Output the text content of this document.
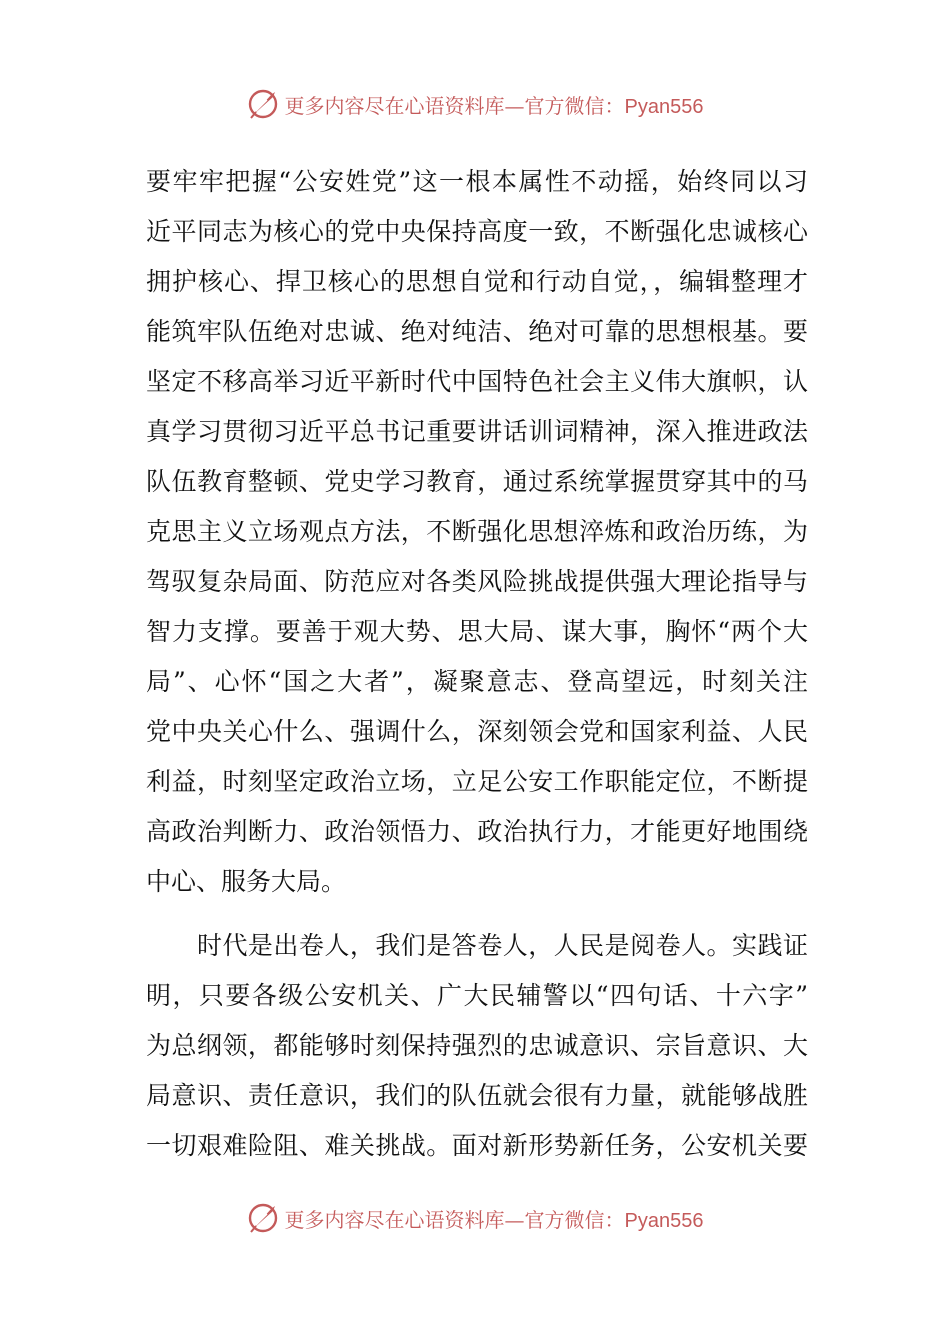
更多内容尽在心语资料库—官方微信：Pyan556
要牢牢把握“公安姓党”这一根本属性不动摇，始终同以习
近平同志为核心的党中央保持高度一致，不断强化忠诚核心
拥护核心、捍卫核心的思想自觉和行动自觉，，编辑整理才
能筑牢队伍绝对忠诚、绝对纯洁、绝对可靠的思想根基。要
坚定不移高举习近平新时代中国特色社会主义伟大旗帜，认
真学习贯彻习近平总书记重要讲话训词精神，深入推进政法
队伍教育整顿、党史学习教育，通过系统掌握贯穿其中的马
克思主义立场观点方法，不断强化思想淬炼和政治历练，为
驾驭复杂局面、防范应对各类风险挑战提供强大理论指导与
智力支撑。要善于观大势、思大局、谋大事，胸怀“两个大
局”、心怀“国之大者”，凝聚意志、登高望远，时刻关注
党中央关心什么、强调什么，深刻领会党和国家利益、人民
利益，时刻坚定政治立场，立足公安工作职能定位，不断提
高政治判断力、政治领悟力、政治执行力，才能更好地围绕
中心、服务大局。
　　时代是出卷人，我们是答卷人，人民是阅卷人。实践证
明，只要各级公安机关、广大民辅警以“四句话、十六字”
为总纲领，都能够时刻保持强烈的忠诚意识、宗旨意识、大
局意识、责任意识，我们的队伍就会很有力量，就能够战胜
一切艰难险阻、难关挑战。面对新形势新任务，公安机关要
更多内容尽在心语资料库—官方微信：Pyan556
